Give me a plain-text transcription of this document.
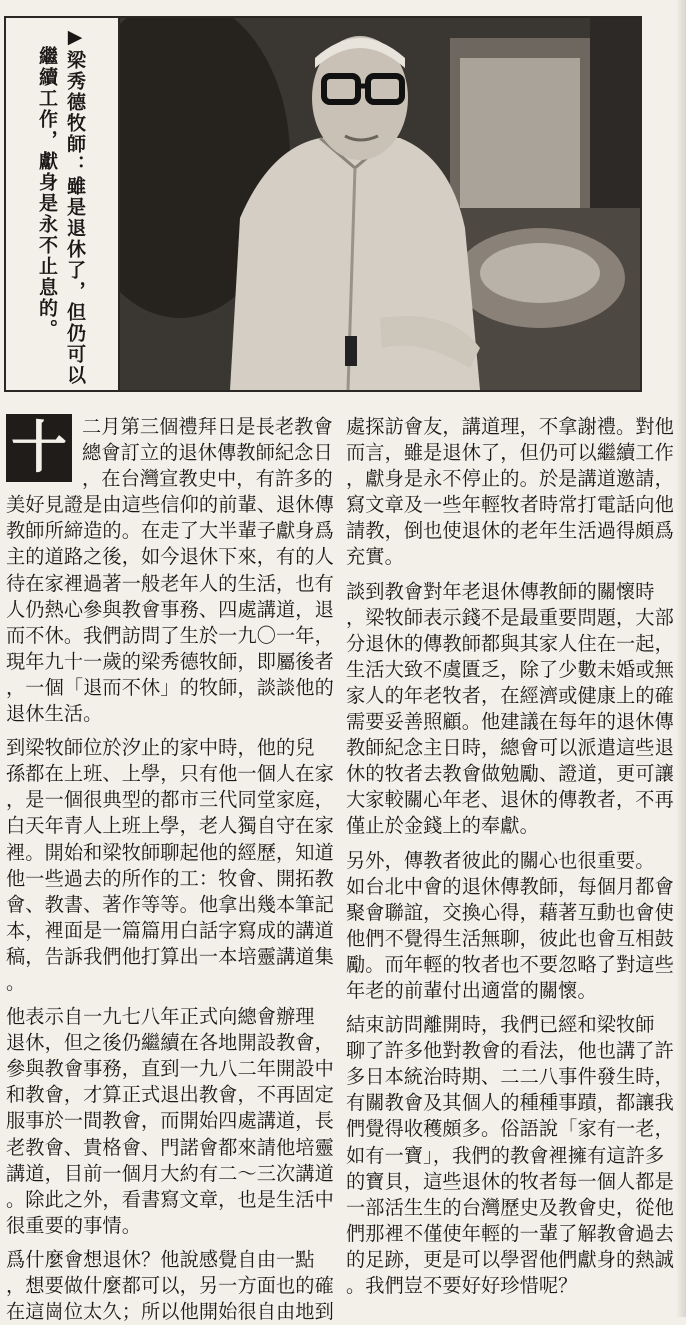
▶梁秀德牧師：雖是退休了，但仍可以
繼續工作，獻身是永不止息的。
十 二月第三個禮拜日是長老教會

總會訂立的退休傳教師紀念日

，在台灣宣教史中，有許多的

美好見證是由這些信仰的前輩、退休傳

教師所締造的。在走了大半輩子獻身爲

主的道路之後，如今退休下來，有的人

待在家裡過著一般老年人的生活，也有

人仍熱心參與教會事務、四處講道，退

而不休。我們訪問了生於一九〇一年，

現年九十一歲的梁秀德牧師，即屬後者

，一個「退而不休」的牧師，談談他的

退休生活。

到梁牧師位於汐止的家中時，他的兒

孫都在上班、上學，只有他一個人在家

，是一個很典型的都市三代同堂家庭，

白天年青人上班上學，老人獨自守在家

裡。開始和梁牧師聊起他的經歷，知道

他一些過去的所作的工：牧會、開拓教

會、教書、著作等等。他拿出幾本筆記

本，裡面是一篇篇用白話字寫成的講道

稿，告訴我們他打算出一本培靈講道集

。

他表示自一九七八年正式向總會辦理

退休，但之後仍繼續在各地開設教會，

參與教會事務，直到一九八二年開設中

和教會，才算正式退出教會，不再固定

服事於一間教會，而開始四處講道，長

老教會、貴格會、門諾會都來請他培靈

講道，目前一個月大約有二～三次講道

。除此之外，看書寫文章，也是生活中

很重要的事情。

爲什麼會想退休？他說感覺自由一點

，想要做什麼都可以，另一方面也的確

在這崗位太久；所以他開始很自由地到

處探訪會友，講道理，不拿謝禮。對他

而言，雖是退休了，但仍可以繼續工作

，獻身是永不停止的。於是講道邀請，

寫文章及一些年輕牧者時常打電話向他

請教，倒也使退休的老年生活過得頗爲

充實。

談到教會對年老退休傳教師的關懷時

，梁牧師表示錢不是最重要問題，大部

分退休的傳教師都與其家人住在一起，

生活大致不虞匱乏，除了少數未婚或無

家人的年老牧者，在經濟或健康上的確

需要妥善照顧。他建議在每年的退休傳

教師紀念主日時，總會可以派遣這些退

休的牧者去教會做勉勵、證道，更可讓

大家較關心年老、退休的傳教者，不再

僅止於金錢上的奉獻。

另外，傳教者彼此的關心也很重要。

如台北中會的退休傳教師，每個月都會

聚會聯誼，交換心得，藉著互動也會使

他們不覺得生活無聊，彼此也會互相鼓

勵。而年輕的牧者也不要忽略了對這些

年老的前輩付出適當的關懷。

結束訪問離開時，我們已經和梁牧師

聊了許多他對教會的看法，他也講了許

多日本統治時期、二二八事件發生時，

有關教會及其個人的種種事蹟，都讓我

們覺得收穫頗多。俗語說「家有一老，

如有一寶」，我們的教會裡擁有這許多

的寶貝，這些退休的牧者每一個人都是

一部活生生的台灣歷史及教會史，從他

們那裡不僅使年輕的一輩了解教會過去

的足跡，更是可以學習他們獻身的熱誠

。我們豈不要好好珍惜呢？
